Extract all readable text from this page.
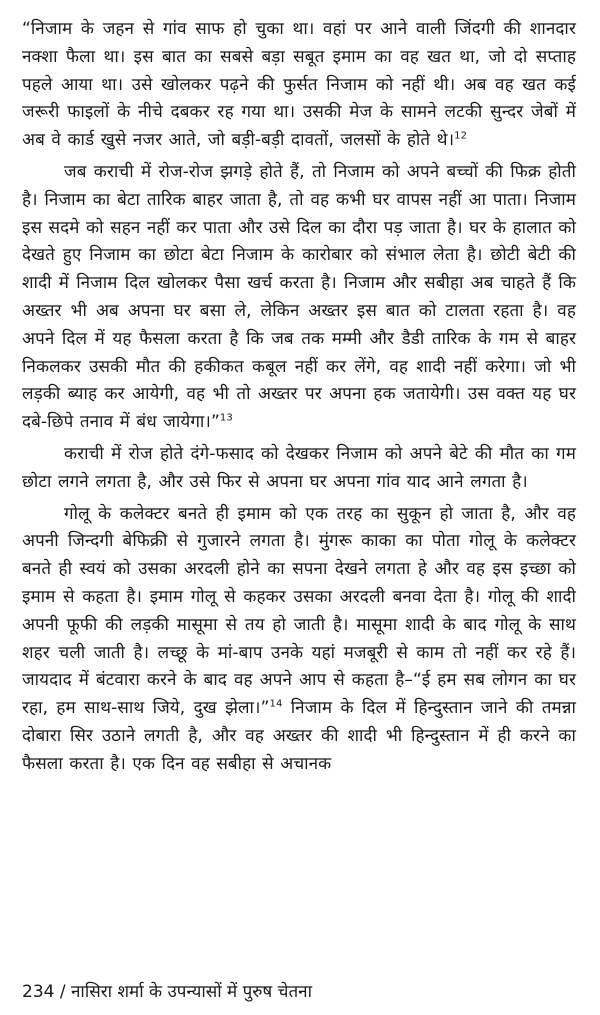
“निजाम के जहन से गांव साफ हो चुका था। वहां पर आने वाली जिंदगी की शानदार नक्शा फैला था। इस बात का सबसे बड़ा सबूत इमाम का वह खत था, जो दो सप्ताह पहले आया था। उसे खोलकर पढ़ने की फुर्सत निजाम को नहीं थी। अब वह खत कई जरूरी फाइलों के नीचे दबकर रह गया था। उसकी मेज के सामने लटकी सुन्दर जेबों में अब वे कार्ड खुसे नजर आते, जो बड़ी-बड़ी दावतों, जलसों के होते थे।$^{12}$

जब कराची में रोज-रोज झगड़े होते हैं, तो निजाम को अपने बच्चों की फिक्र होती है। निजाम का बेटा तारिक बाहर जाता है, तो वह कभी घर वापस नहीं आ पाता। निजाम इस सदमे को सहन नहीं कर पाता और उसे दिल का दौरा पड़ जाता है। घर के हालात को देखते हुए निजाम का छोटा बेटा निजाम के कारोबार को संभाल लेता है। छोटी बेटी की शादी में निजाम दिल खोलकर पैसा खर्च करता है। निजाम और सबीहा अब चाहते हैं कि अख्तर भी अब अपना घर बसा ले, लेकिन अख्तर इस बात को टालता रहता है। वह अपने दिल में यह फैसला करता है कि जब तक मम्मी और डैडी तारिक के गम से बाहर निकलकर उसकी मौत की हकीकत कबूल नहीं कर लेंगे, वह शादी नहीं करेगा। जो भी लड़की ब्याह कर आयेगी, वह भी तो अख्तर पर अपना हक जतायेगी। उस वक्त यह घर दबे-छिपे तनाव में बंध जायेगा।”$^{13}$

कराची में रोज होते दंगे-फसाद को देखकर निजाम को अपने बेटे की मौत का गम छोटा लगने लगता है, और उसे फिर से अपना घर अपना गांव याद आने लगता है।

गोलू के कलेक्टर बनते ही इमाम को एक तरह का सुकून हो जाता है, और वह अपनी जिन्दगी बेफिक्री से गुजारने लगता है। मुंगरू काका का पोता गोलू के कलेक्टर बनते ही स्वयं को उसका अरदली होने का सपना देखने लगता हे और वह इस इच्छा को इमाम से कहता है। इमाम गोलू से कहकर उसका अरदली बनवा देता है। गोलू की शादी अपनी फूफी की लड़की मासूमा से तय हो जाती है। मासूमा शादी के बाद गोलू के साथ शहर चली जाती है। लच्छू के मां-बाप उनके यहां मजबूरी से काम तो नहीं कर रहे हैं। जायदाद में बंटवारा करने के बाद वह अपने आप से कहता है–“ई हम सब लोगन का घर रहा, हम साथ-साथ जिये, दुख झेला।”$^{14}$ निजाम के दिल में हिन्दुस्तान जाने की तमन्ना दोबारा सिर उठाने लगती है, और वह अख्तर की शादी भी हिन्दुस्तान में ही करने का फैसला करता है। एक दिन वह सबीहा से अचानक

234 / नासिरा शर्मा के उपन्यासों में पुरुष चेतना
